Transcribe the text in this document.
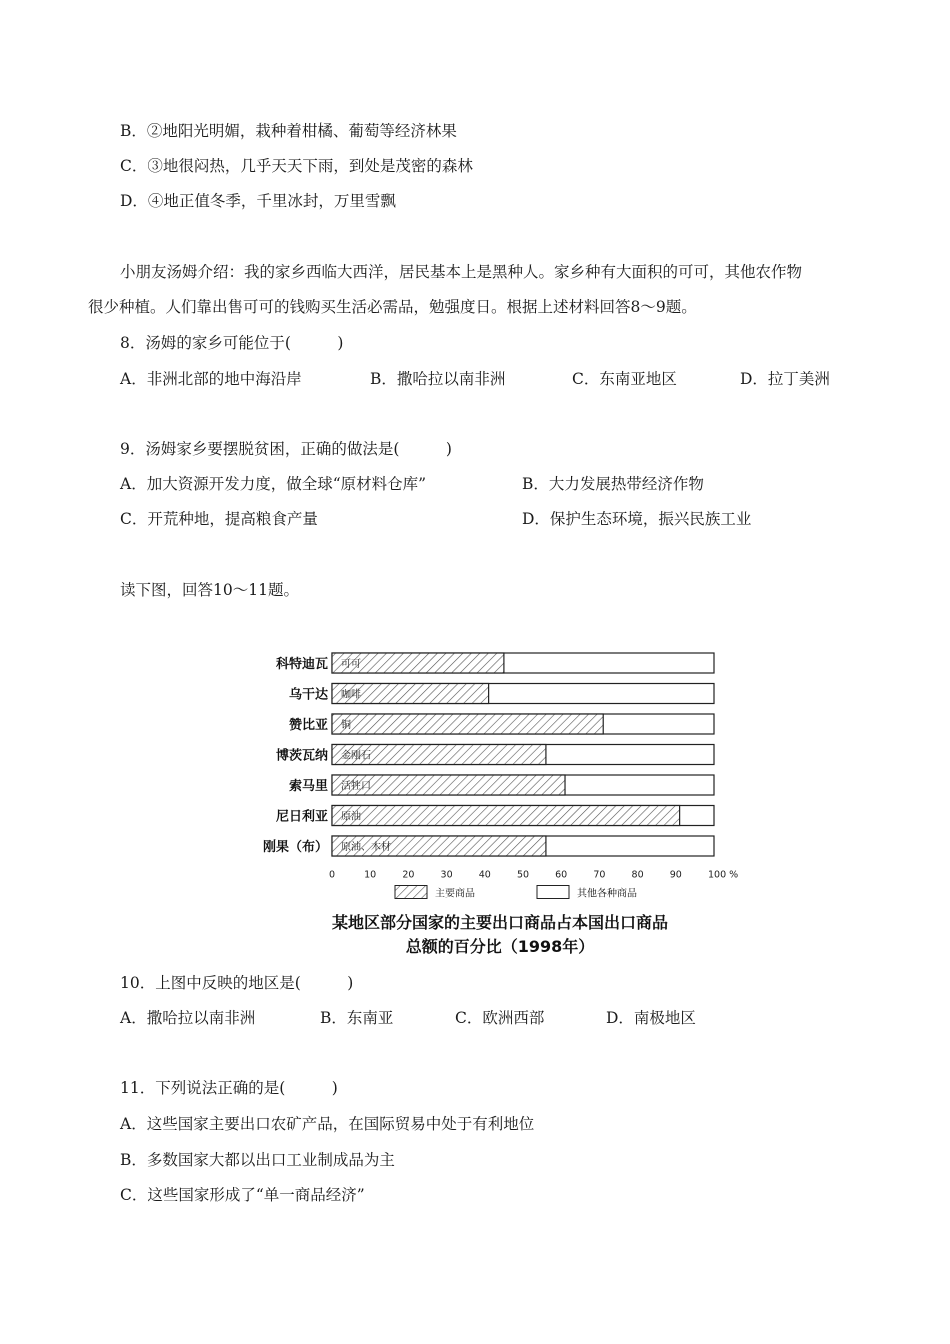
B．②地阳光明媚，栽种着柑橘、葡萄等经济林果
C．③地很闷热，几乎天天下雨，到处是茂密的森林
D．④地正值冬季，千里冰封，万里雪飘
小朋友汤姆介绍：我的家乡西临大西洋，居民基本上是黑种人。家乡种有大面积的可可，其他农作物
很少种植。人们靠出售可可的钱购买生活必需品，勉强度日。根据上述材料回答8～9题。
8．汤姆的家乡可能位于(　　　)
A．非洲北部的地中海沿岸	B．撒哈拉以南非洲	C．东南亚地区	D．拉丁美洲
9．汤姆家乡要摆脱贫困，正确的做法是(　　　)
A．加大资源开发力度，做全球“原材料仓库”	B．大力发展热带经济作物
C．开荒种地，提高粮食产量	D．保护生态环境，振兴民族工业
读下图，回答10～11题。
可可
科特迪瓦
咖啡
乌干达
铜
赞比亚
金刚石
博茨瓦纳
活牲口
索马里
原油
尼日利亚
原油、木材
刚果（布）
0	10	20	30	40	50	60	70	80	90	100 %
主要商品	其他各种商品
某地区部分国家的主要出口商品占本国出口商品
总额的百分比（1998年）
10．上图中反映的地区是(　　　)
A．撒哈拉以南非洲	B．东南亚	C．欧洲西部	D．南极地区
11．下列说法正确的是(　　　)
A．这些国家主要出口农矿产品，在国际贸易中处于有利地位
B．多数国家大都以出口工业制成品为主
C．这些国家形成了“单一商品经济”
